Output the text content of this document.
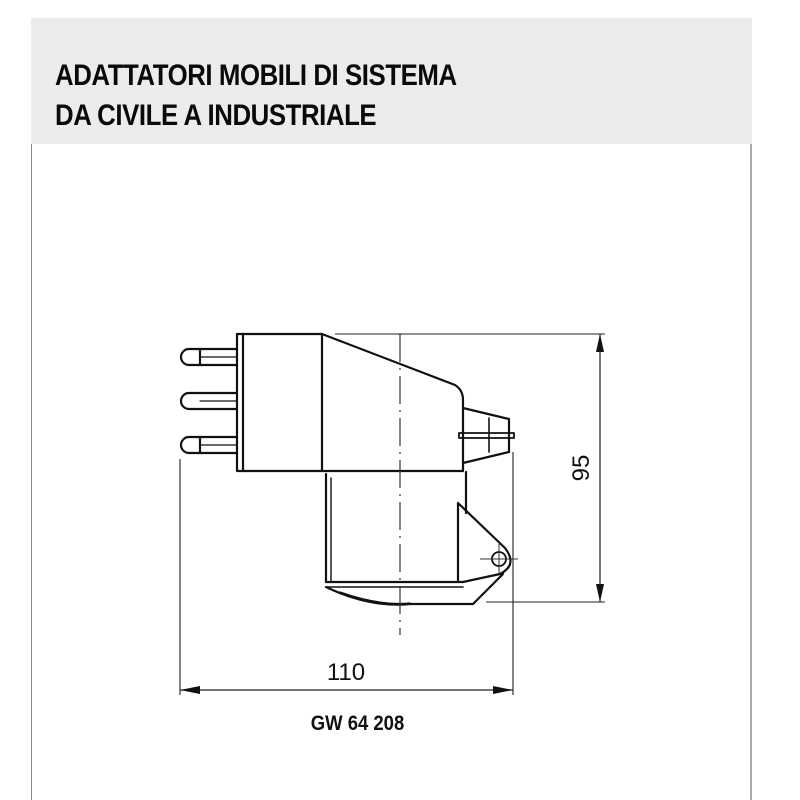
ADATTATORI MOBILI DI SISTEMA
DA CIVILE A INDUSTRIALE
95
110
GW 64 208
